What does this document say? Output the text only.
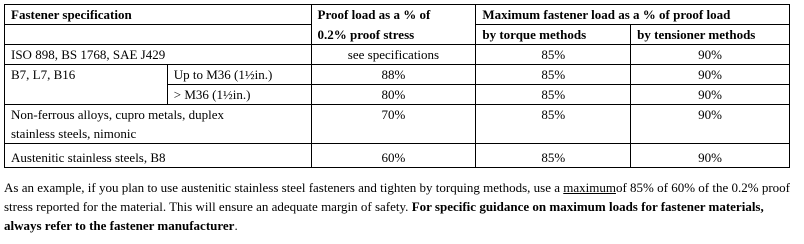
Fastener specification		Proof load as a % of	Maximum fastener load as a % of proof load	
		0.2% proof stress	by torque methods	by tensioner methods
ISO 898, BS 1768, SAE J429		see specifications	85%	90%
B7, L7, B16	Up to M36 (1½in.)	88%	85%	90%
	> M36 (1½in.)	80%	85%	90%

Non-ferrous alloys, cupro metals, duplex
stainless steels, nimonic		70%	85%	90%
Austenitic stainless steels, B8		60%	85%	90%
As an example, if you plan to use austenitic stainless steel fasteners and tighten by torquing methods, use a maximumof 85% of 60% of the 0.2% proof stress reported for the material. This will ensure an adequate margin of safety. For specific guidance on maximum loads for fastener materials, always refer to the fastener manufacturer.
